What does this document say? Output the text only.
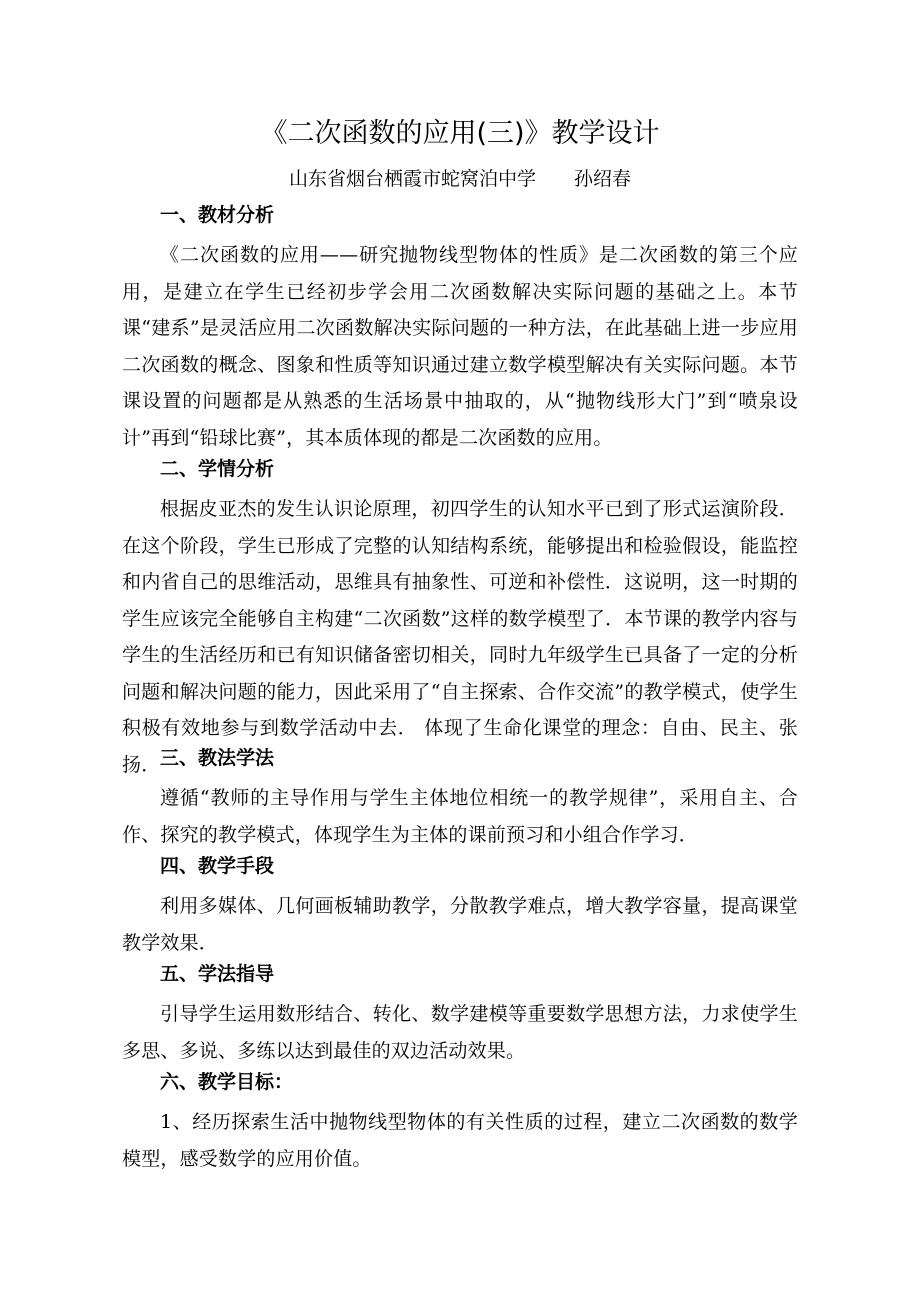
《二次函数的应用(三)》教学设计
山东省烟台栖霞市蛇窝泊中学 孙绍春
一、教材分析

《二次函数的应用——研究抛物线型物体的性质》是二次函数的第三个应用，是建立在学生已经初步学会用二次函数解决实际问题的基础之上。本节课“建系”是灵活应用二次函数解决实际问题的一种方法，在此基础上进一步应用二次函数的概念、图象和性质等知识通过建立数学模型解决有关实际问题。本节课设置的问题都是从熟悉的生活场景中抽取的，从“抛物线形大门”到“喷泉设计”再到“铅球比赛”，其本质体现的都是二次函数的应用。

二、学情分析

根据皮亚杰的发生认识论原理，初四学生的认知水平已到了形式运演阶段． 在这个阶段，学生已形成了完整的认知结构系统，能够提出和检验假设，能监控和内省自己的思维活动，思维具有抽象性、可逆和补偿性．这说明，这一时期的学生应该完全能够自主构建“二次函数”这样的数学模型了．本节课的教学内容与学生的生活经历和已有知识储备密切相关，同时九年级学生已具备了一定的分析问题和解决问题的能力，因此采用了“自主探索、合作交流”的教学模式，使学生积极有效地参与到数学活动中去． 体现了生命化课堂的理念：自由、民主、张扬． 三、教法学法

遵循“教师的主导作用与学生主体地位相统一的教学规律”，采用自主、合作、探究的教学模式，体现学生为主体的课前预习和小组合作学习．

四、教学手段

利用多媒体、几何画板辅助教学，分散教学难点，增大教学容量，提高课堂教学效果．

五、学法指导

引导学生运用数形结合、转化、数学建模等重要数学思想方法，力求使学生多思、多说、多练以达到最佳的双边活动效果。

六、教学目标：

1、经历探索生活中抛物线型物体的有关性质的过程，建立二次函数的数学模型，感受数学的应用价值。
